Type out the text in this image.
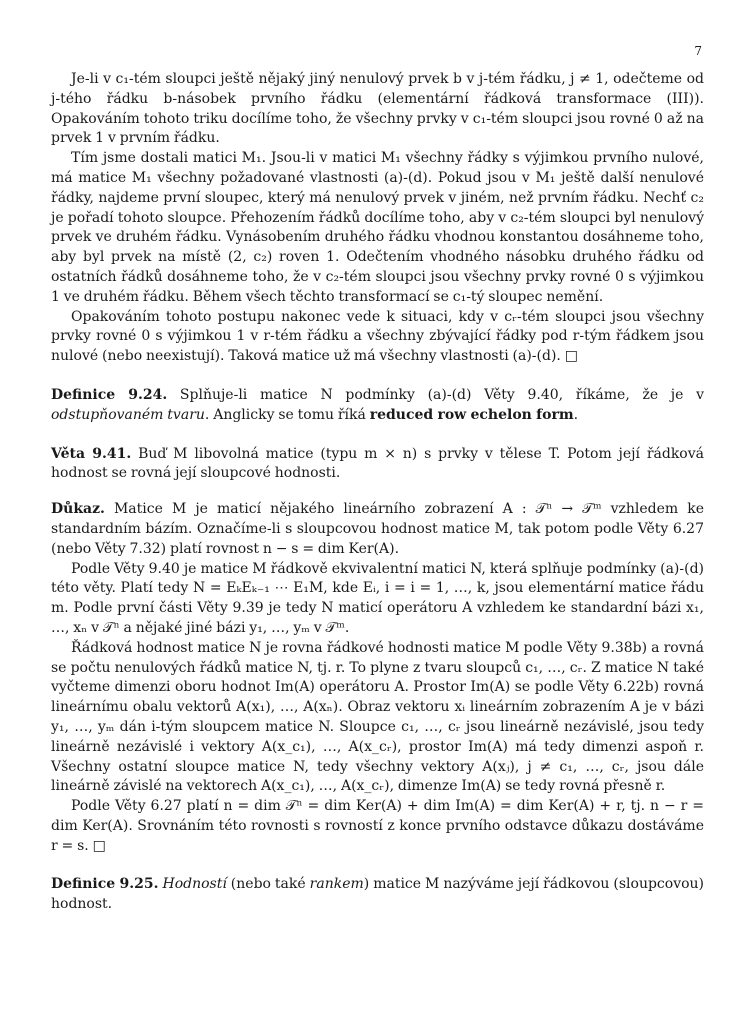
7

Je-li v c₁-tém sloupci ještě nějaký jiný nenulový prvek b v j-tém řádku, j ≠ 1, odečteme od j-tého řádku b-násobek prvního řádku (elementární řádková transformace (III)). Opakováním tohoto triku docílíme toho, že všechny prvky v c₁-tém sloupci jsou rovné 0 až na prvek 1 v prvním řádku.

Tím jsme dostali matici M₁. Jsou-li v matici M₁ všechny řádky s výjimkou prvního nulové, má matice M₁ všechny požadované vlastnosti (a)-(d). Pokud jsou v M₁ ještě další nenulové řádky, najdeme první sloupec, který má nenulový prvek v jiném, než prvním řádku. Nechť c₂ je pořadí tohoto sloupce. Přehozením řádků docílíme toho, aby v c₂-tém sloupci byl nenulový prvek ve druhém řádku. Vynásobením druhého řádku vhodnou konstantou dosáhneme toho, aby byl prvek na místě (2, c₂) roven 1. Odečtením vhodného násobku druhého řádku od ostatních řádků dosáhneme toho, že v c₂-tém sloupci jsou všechny prvky rovné 0 s výjimkou 1 ve druhém řádku. Během všech těchto transformací se c₁-tý sloupec nemění.

Opakováním tohoto postupu nakonec vede k situaci, kdy v cᵣ-tém sloupci jsou všechny prvky rovné 0 s výjimkou 1 v r-tém řádku a všechny zbývající řádky pod r-tým řádkem jsou nulové (nebo neexistují). Taková matice už má všechny vlastnosti (a)-(d). □

Definice 9.24. Splňuje-li matice N podmínky (a)-(d) Věty 9.40, říkáme, že je v odstupňovaném tvaru. Anglicky se tomu říká reduced row echelon form.

Věta 9.41. Buď M libovolná matice (typu m × n) s prvky v tělese T. Potom její řádková hodnost se rovná její sloupcové hodnosti.

Důkaz. Matice M je maticí nějakého lineárního zobrazení A : 𝒯ⁿ → 𝒯ᵐ vzhledem ke standardním bázím. Označíme-li s sloupcovou hodnost matice M, tak potom podle Věty 6.27 (nebo Věty 7.32) platí rovnost n − s = dim Ker(A).

Podle Věty 9.40 je matice M řádkově ekvivalentní matici N, která splňuje podmínky (a)-(d) této věty. Platí tedy N = EₖEₖ₋₁ ⋯ E₁M, kde Eᵢ, i = i = 1, …, k, jsou elementární matice řádu m. Podle první části Věty 9.39 je tedy N maticí operátoru A vzhledem ke standardní bázi x₁, …, xₙ v 𝒯ⁿ a nějaké jiné bázi y₁, …, yₘ v 𝒯ᵐ.

Řádková hodnost matice N je rovna řádkové hodnosti matice M podle Věty 9.38b) a rovná se počtu nenulových řádků matice N, tj. r. To plyne z tvaru sloupců c₁, …, cᵣ. Z matice N také vyčteme dimenzi oboru hodnot Im(A) operátoru A. Prostor Im(A) se podle Věty 6.22b) rovná lineárnímu obalu vektorů A(x₁), …, A(xₙ). Obraz vektoru xᵢ lineárním zobrazením A je v bázi y₁, …, yₘ dán i-tým sloupcem matice N. Sloupce c₁, …, cᵣ jsou lineárně nezávislé, jsou tedy lineárně nezávislé i vektory A(x_c₁), …, A(x_cᵣ), prostor Im(A) má tedy dimenzi aspoň r. Všechny ostatní sloupce matice N, tedy všechny vektory A(xⱼ), j ≠ c₁, …, cᵣ, jsou dále lineárně závislé na vektorech A(x_c₁), …, A(x_cᵣ), dimenze Im(A) se tedy rovná přesně r.

Podle Věty 6.27 platí n = dim 𝒯ⁿ = dim Ker(A) + dim Im(A) = dim Ker(A) + r, tj. n − r = dim Ker(A). Srovnáním této rovnosti s rovností z konce prvního odstavce důkazu dostáváme r = s. □

Definice 9.25. Hodností (nebo také rankem) matice M nazýváme její řádkovou (sloupcovou) hodnost.
